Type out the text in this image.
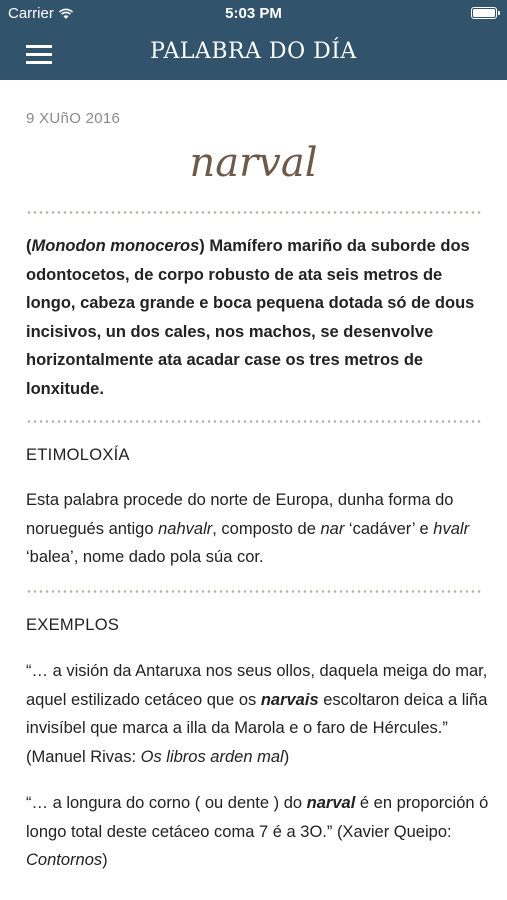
Carrier	5:03 PM
PALABRA DO DÍA
9 XUñO 2016
narval
(Monodon monoceros) Mamífero mariño da suborde dos odontocetos, de corpo robusto de ata seis metros de longo, cabeza grande e boca pequena dotada só de dous incisivos, un dos cales, nos machos, se desenvolve horizontalmente ata acadar case os tres metros de lonxitude.
ETIMOLOXÍA
Esta palabra procede do norte de Europa, dunha forma do noruegués antigo nahvalr, composto de nar ‘cadáver’ e hvalr ‘balea’, nome dado pola súa cor.
EXEMPLOS
“… a visión da Antaruxa nos seus ollos, daquela meiga do mar, aquel estilizado cetáceo que os narvais escoltaron deica a liña invisíbel que marca a illa da Marola e o faro de Hércules.” (Manuel Rivas: Os libros arden mal)
“… a longura do corno ( ou dente ) do narval é en proporción ó longo total deste cetáceo coma 7 é a 3O.” (Xavier Queipo: Contornos)
